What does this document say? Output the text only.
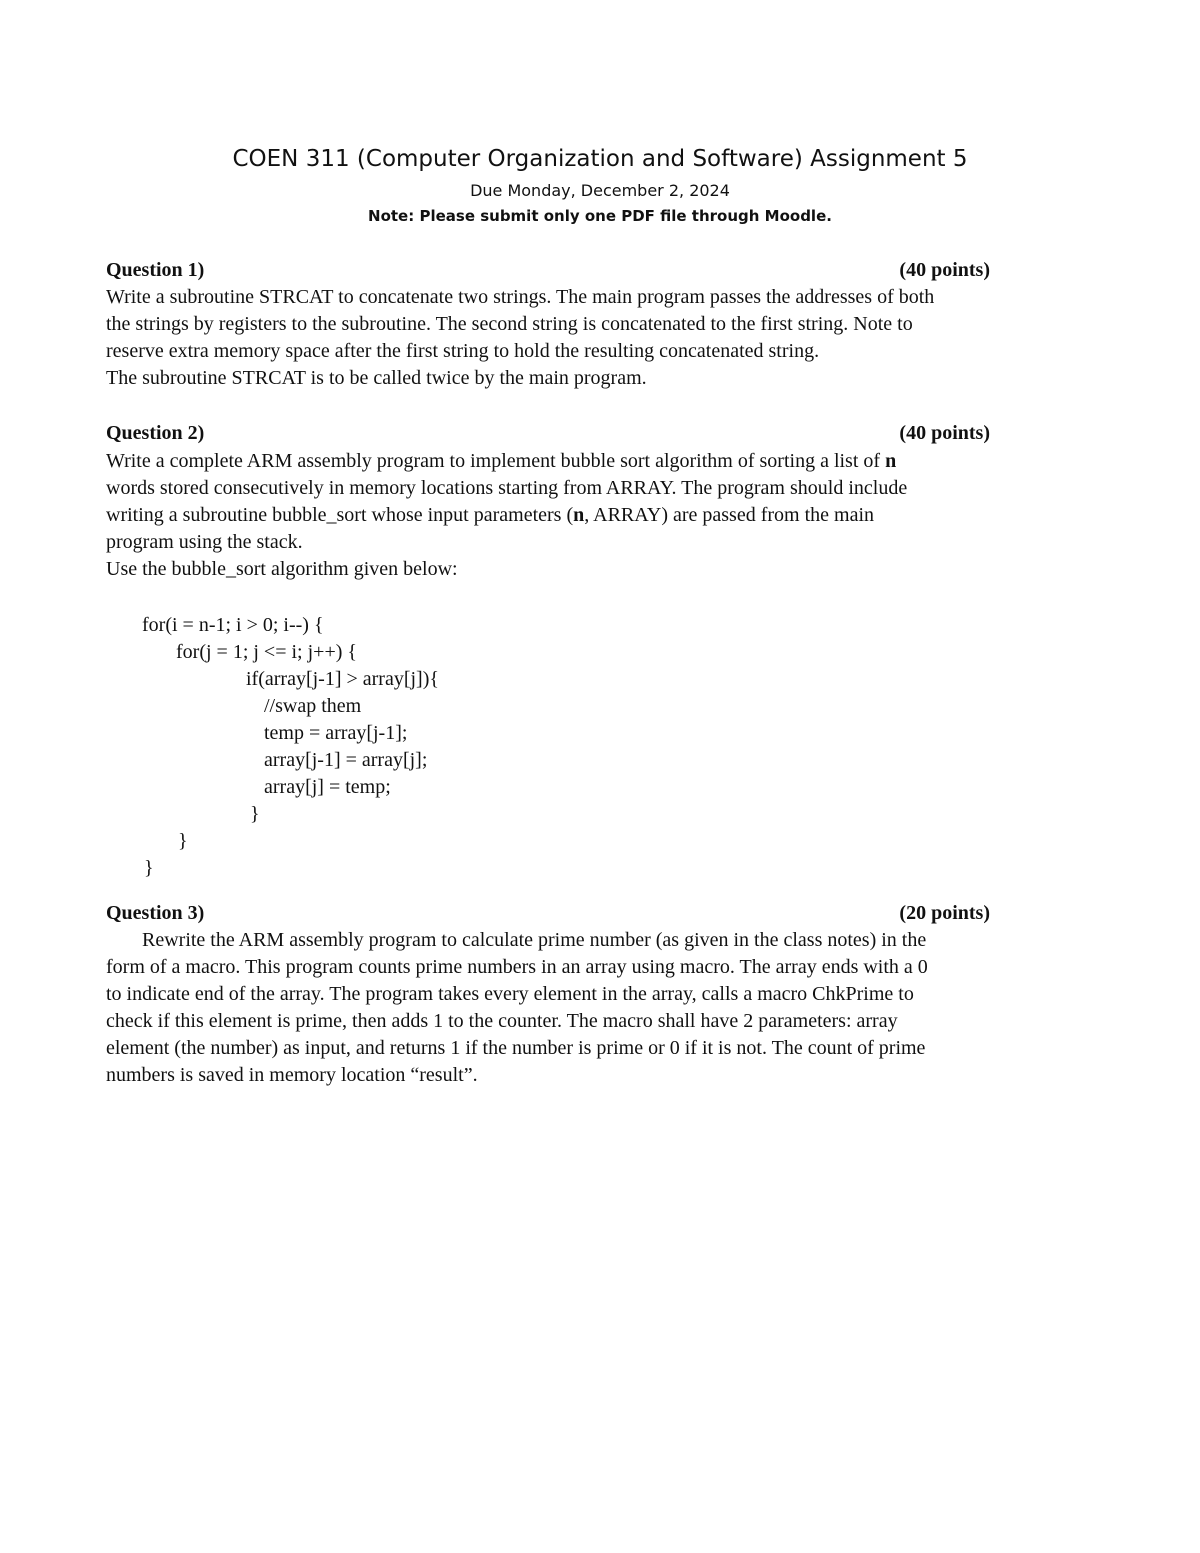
COEN 311 (Computer Organization and Software) Assignment 5
Due Monday, December 2, 2024
Note: Please submit only one PDF file through Moodle.
Question 1)	(40 points)
Write a subroutine STRCAT to concatenate two strings. The main program passes the addresses of both
the strings by registers to the subroutine. The second string is concatenated to the first string. Note to
reserve extra memory space after the first string to hold the resulting concatenated string.
The subroutine STRCAT is to be called twice by the main program.
Question 2)	(40 points)
Write a complete ARM assembly program to implement bubble sort algorithm of sorting a list of n
words stored consecutively in memory locations starting from ARRAY. The program should include
writing a subroutine bubble_sort whose input parameters (n, ARRAY) are passed from the main
program using the stack.
Use the bubble_sort algorithm given below:
for(i = n-1; i > 0; i--) {
for(j = 1; j <= i; j++) {
if(array[j-1] > array[j]){
//swap them
temp = array[j-1];
array[j-1] = array[j];
array[j] = temp;
}
}
}
Question 3)	(20 points)
Rewrite the ARM assembly program to calculate prime number (as given in the class notes) in the
form of a macro. This program counts prime numbers in an array using macro. The array ends with a 0
to indicate end of the array. The program takes every element in the array, calls a macro ChkPrime to
check if this element is prime, then adds 1 to the counter. The macro shall have 2 parameters: array
element (the number) as input, and returns 1 if the number is prime or 0 if it is not. The count of prime
numbers is saved in memory location “result”.
